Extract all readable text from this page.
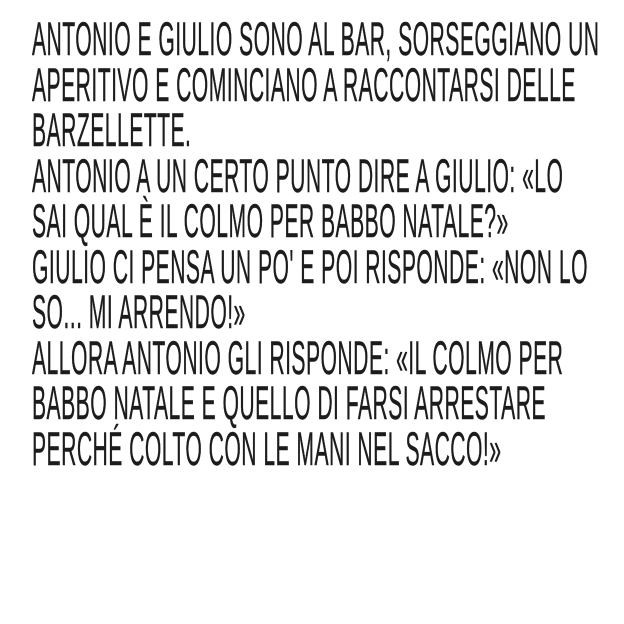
ANTONIO E GIULIO SONO AL BAR, SORSEGGIANO UN
APERITIVO E COMINCIANO A RACCONTARSI DELLE
BARZELLETTE.
ANTONIO A UN CERTO PUNTO DIRE A GIULIO: «LO
SAI QUAL È IL COLMO PER BABBO NATALE?»
GIULIO CI PENSA UN PO' E POI RISPONDE: «NON LO
SO... MI ARRENDO!»
ALLORA ANTONIO GLI RISPONDE: «IL COLMO PER
BABBO NATALE E QUELLO DI FARSI ARRESTARE
PERCHÉ COLTO CON LE MANI NEL SACCO!»
